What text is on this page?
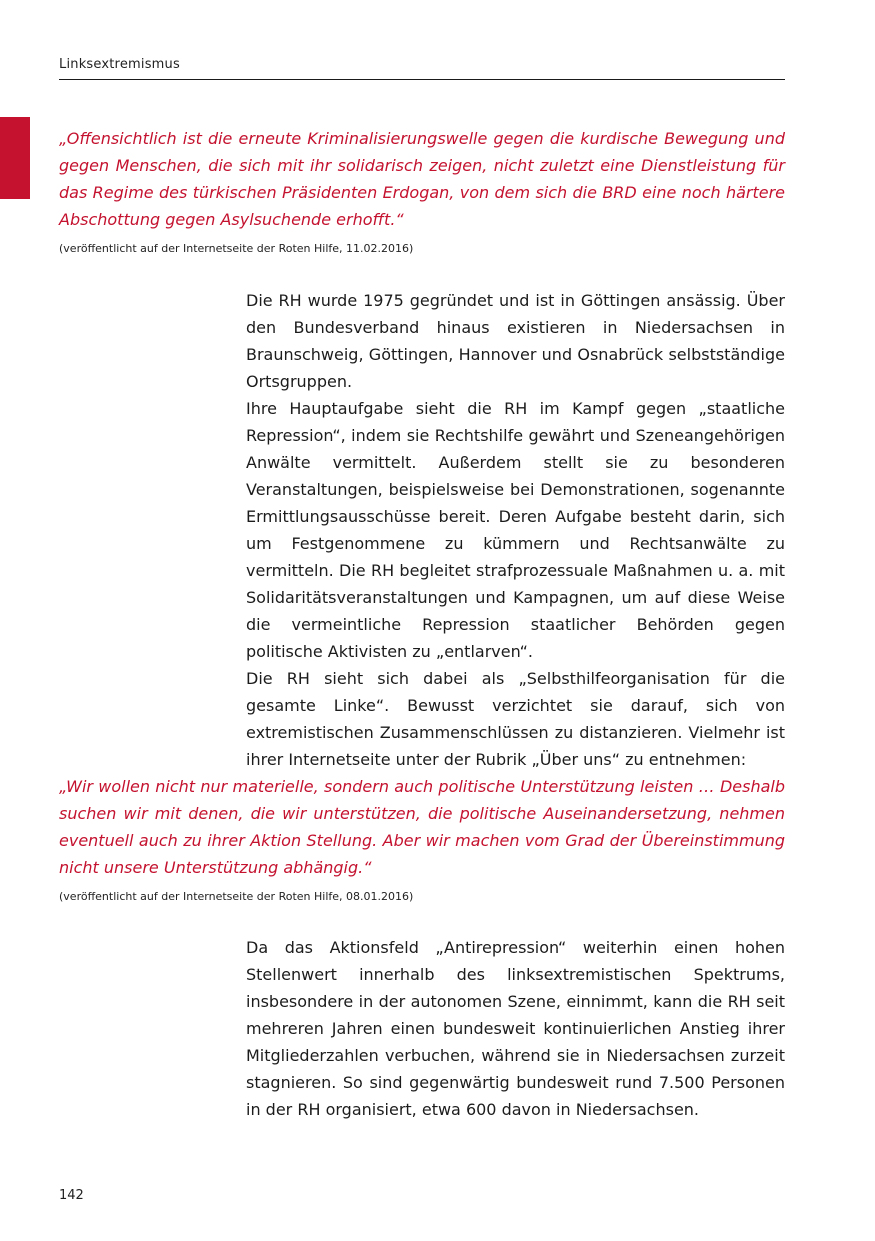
Linksextremismus

„Offensichtlich ist die erneute Kriminalisierungswelle gegen die kurdische Bewegung und gegen Menschen, die sich mit ihr solidarisch zeigen, nicht zuletzt eine Dienstleistung für das Regime des türkischen Präsidenten Erdogan, von dem sich die BRD eine noch härtere Abschottung gegen Asylsuchende erhofft.“

(veröffentlicht auf der Internetseite der Roten Hilfe, 11.02.2016)

Die RH wurde 1975 gegründet und ist in Göttingen ansässig. Über den Bundesverband hinaus existieren in Niedersachsen in Braunschweig, Göttingen, Hannover und Osnabrück selbstständige Ortsgruppen.

Ihre Hauptaufgabe sieht die RH im Kampf gegen „staatliche Repression“, indem sie Rechtshilfe gewährt und Szeneangehörigen Anwälte vermittelt. Außerdem stellt sie zu besonderen Veranstaltungen, beispielsweise bei Demonstrationen, sogenannte Ermittlungsausschüsse bereit. Deren Aufgabe besteht darin, sich um Festgenommene zu kümmern und Rechtsanwälte zu vermitteln. Die RH begleitet strafprozessuale Maßnahmen u. a. mit Solidaritätsveranstaltungen und Kampagnen, um auf diese Weise die vermeintliche Repression staatlicher Behörden gegen politische Aktivisten zu „entlarven“.

Die RH sieht sich dabei als „Selbsthilfeorganisation für die gesamte Linke“. Bewusst verzichtet sie darauf, sich von extremistischen Zusammenschlüssen zu distanzieren. Vielmehr ist ihrer Internetseite unter der Rubrik „Über uns“ zu entnehmen:

„Wir wollen nicht nur materielle, sondern auch politische Unterstützung leisten … Deshalb suchen wir mit denen, die wir unterstützen, die politische Auseinandersetzung, nehmen eventuell auch zu ihrer Aktion Stellung. Aber wir machen vom Grad der Übereinstimmung nicht unsere Unterstützung abhängig.“

(veröffentlicht auf der Internetseite der Roten Hilfe, 08.01.2016)

Da das Aktionsfeld „Antirepression“ weiterhin einen hohen Stellenwert innerhalb des linksextremistischen Spektrums, insbesondere in der autonomen Szene, einnimmt, kann die RH seit mehreren Jahren einen bundesweit kontinuierlichen Anstieg ihrer Mitgliederzahlen verbuchen, während sie in Niedersachsen zurzeit stagnieren. So sind gegenwärtig bundesweit rund 7.500 Personen in der RH organisiert, etwa 600 davon in Niedersachsen.

142
